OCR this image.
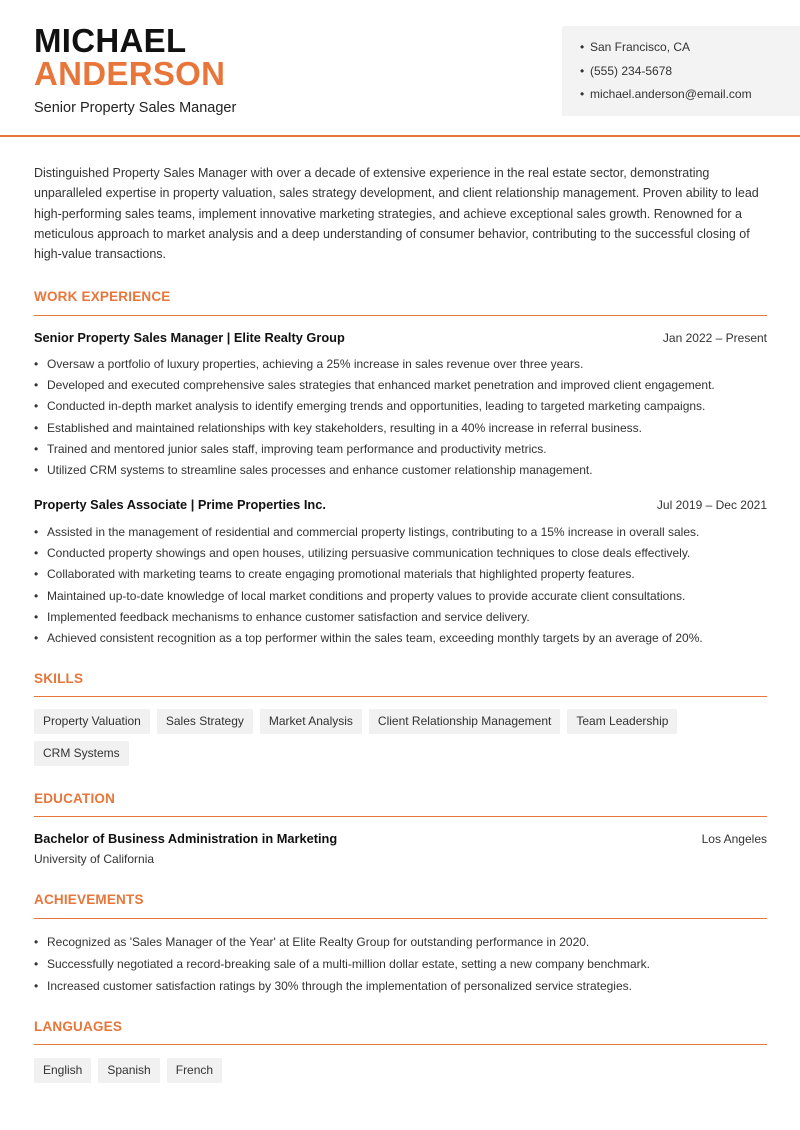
MICHAEL
ANDERSON
Senior Property Sales Manager
• San Francisco, CA
• (555) 234-5678
• michael.anderson@email.com

Distinguished Property Sales Manager with over a decade of extensive experience in the real estate sector, demonstrating unparalleled expertise in property valuation, sales strategy development, and client relationship management. Proven ability to lead high-performing sales teams, implement innovative marketing strategies, and achieve exceptional sales growth. Renowned for a meticulous approach to market analysis and a deep understanding of consumer behavior, contributing to the successful closing of high-value transactions.

WORK EXPERIENCE
Senior Property Sales Manager | Elite Realty Group	Jan 2022 – Present
• Oversaw a portfolio of luxury properties, achieving a 25% increase in sales revenue over three years.
• Developed and executed comprehensive sales strategies that enhanced market penetration and improved client engagement.
• Conducted in-depth market analysis to identify emerging trends and opportunities, leading to targeted marketing campaigns.
• Established and maintained relationships with key stakeholders, resulting in a 40% increase in referral business.
• Trained and mentored junior sales staff, improving team performance and productivity metrics.
• Utilized CRM systems to streamline sales processes and enhance customer relationship management.
Property Sales Associate | Prime Properties Inc.	Jul 2019 – Dec 2021
• Assisted in the management of residential and commercial property listings, contributing to a 15% increase in overall sales.
• Conducted property showings and open houses, utilizing persuasive communication techniques to close deals effectively.
• Collaborated with marketing teams to create engaging promotional materials that highlighted property features.
• Maintained up-to-date knowledge of local market conditions and property values to provide accurate client consultations.
• Implemented feedback mechanisms to enhance customer satisfaction and service delivery.
• Achieved consistent recognition as a top performer within the sales team, exceeding monthly targets by an average of 20%.
SKILLS
Property Valuation	Sales Strategy	Market Analysis	Client Relationship Management	Team Leadership
CRM Systems
EDUCATION
Bachelor of Business Administration in Marketing	Los Angeles
University of California
ACHIEVEMENTS
• Recognized as 'Sales Manager of the Year' at Elite Realty Group for outstanding performance in 2020.
• Successfully negotiated a record-breaking sale of a multi-million dollar estate, setting a new company benchmark.
• Increased customer satisfaction ratings by 30% through the implementation of personalized service strategies.
LANGUAGES
English	Spanish	French
